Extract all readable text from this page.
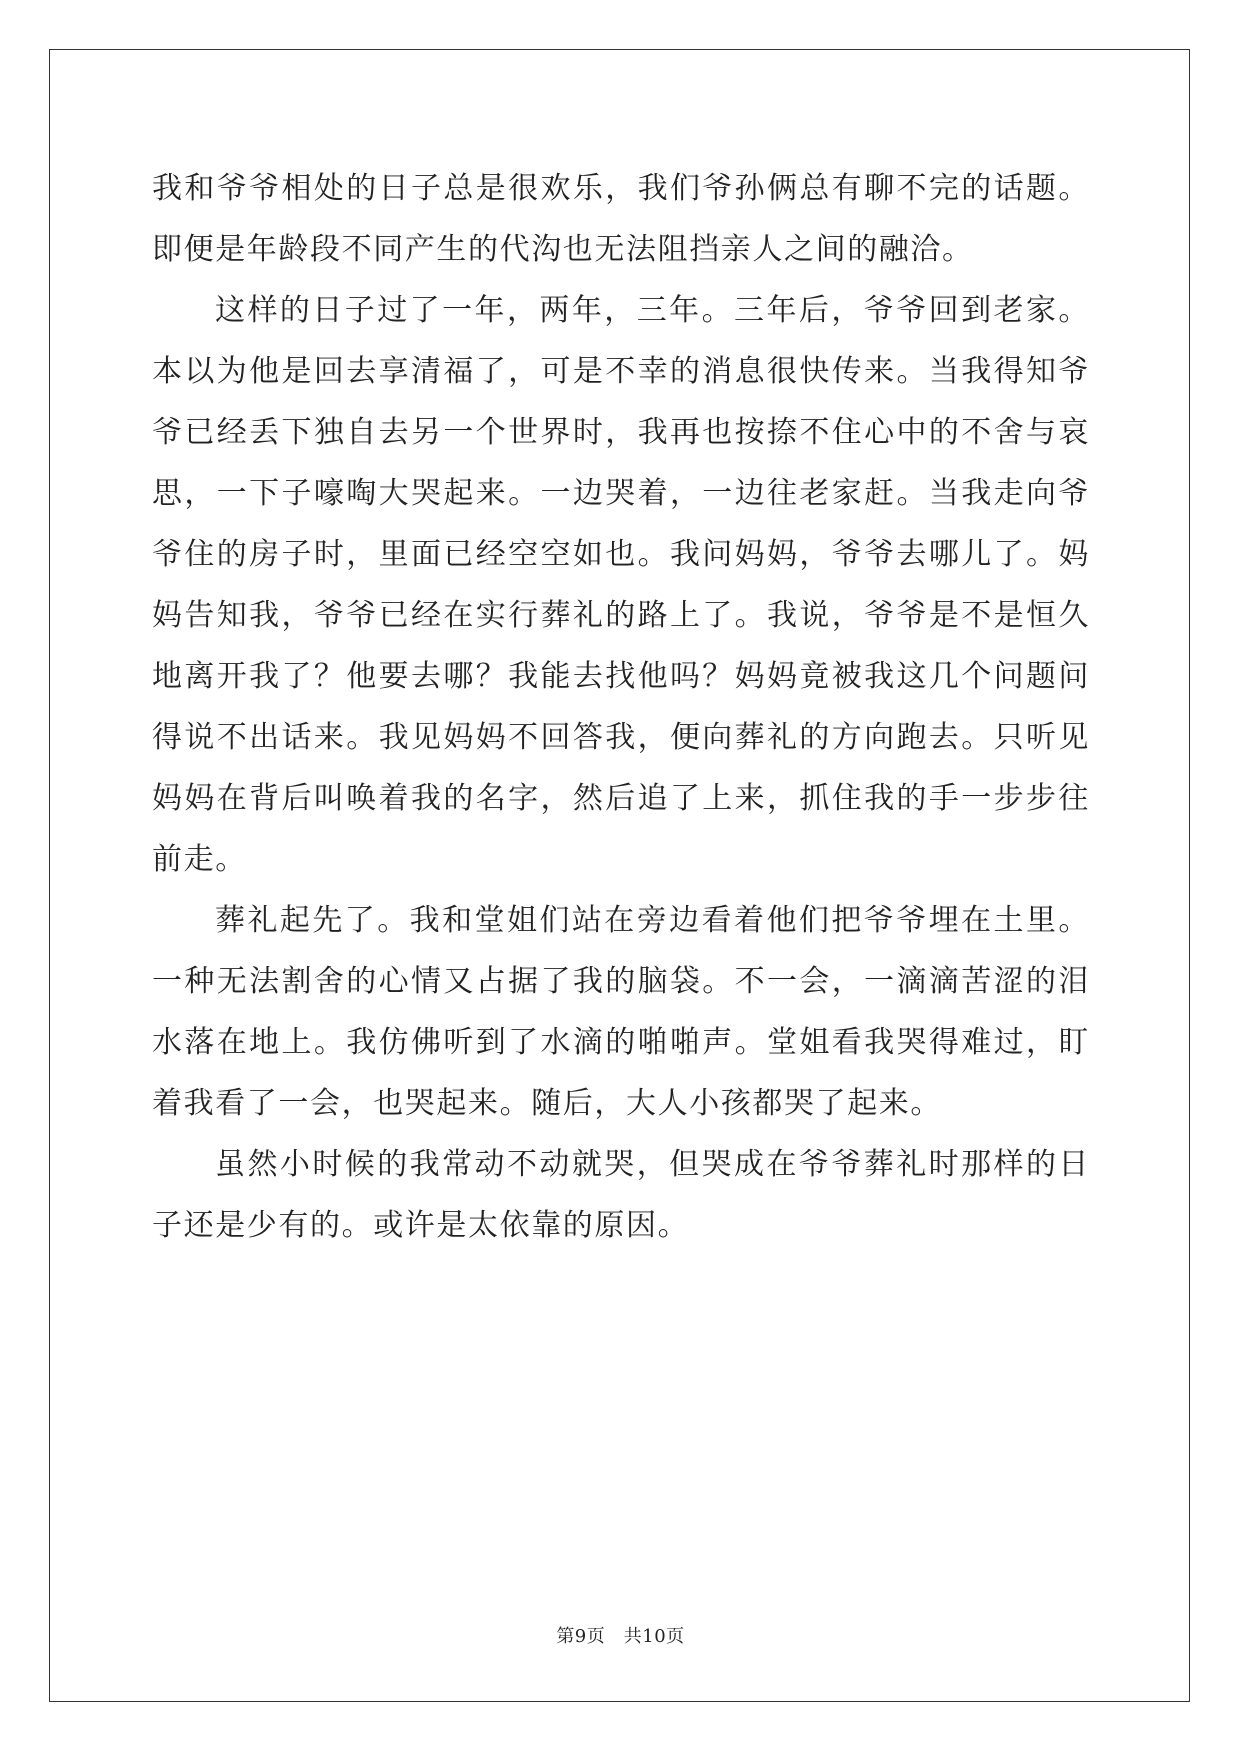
我和爷爷相处的日子总是很欢乐，我们爷孙俩总有聊不完的话题。即便是年龄段不同产生的代沟也无法阻挡亲人之间的融洽。

这样的日子过了一年，两年，三年。三年后，爷爷回到老家。本以为他是回去享清福了，可是不幸的消息很快传来。当我得知爷爷已经丢下独自去另一个世界时，我再也按捺不住心中的不舍与哀思，一下子嚎啕大哭起来。一边哭着，一边往老家赶。当我走向爷爷住的房子时，里面已经空空如也。我问妈妈，爷爷去哪儿了。妈妈告知我，爷爷已经在实行葬礼的路上了。我说，爷爷是不是恒久地离开我了？他要去哪？我能去找他吗？妈妈竟被我这几个问题问得说不出话来。我见妈妈不回答我，便向葬礼的方向跑去。只听见妈妈在背后叫唤着我的名字，然后追了上来，抓住我的手一步步往前走。

葬礼起先了。我和堂姐们站在旁边看着他们把爷爷埋在土里。一种无法割舍的心情又占据了我的脑袋。不一会，一滴滴苦涩的泪水落在地上。我仿佛听到了水滴的啪啪声。堂姐看我哭得难过，盯着我看了一会，也哭起来。随后，大人小孩都哭了起来。

虽然小时候的我常动不动就哭，但哭成在爷爷葬礼时那样的日子还是少有的。或许是太依靠的原因。

第9页　共10页
